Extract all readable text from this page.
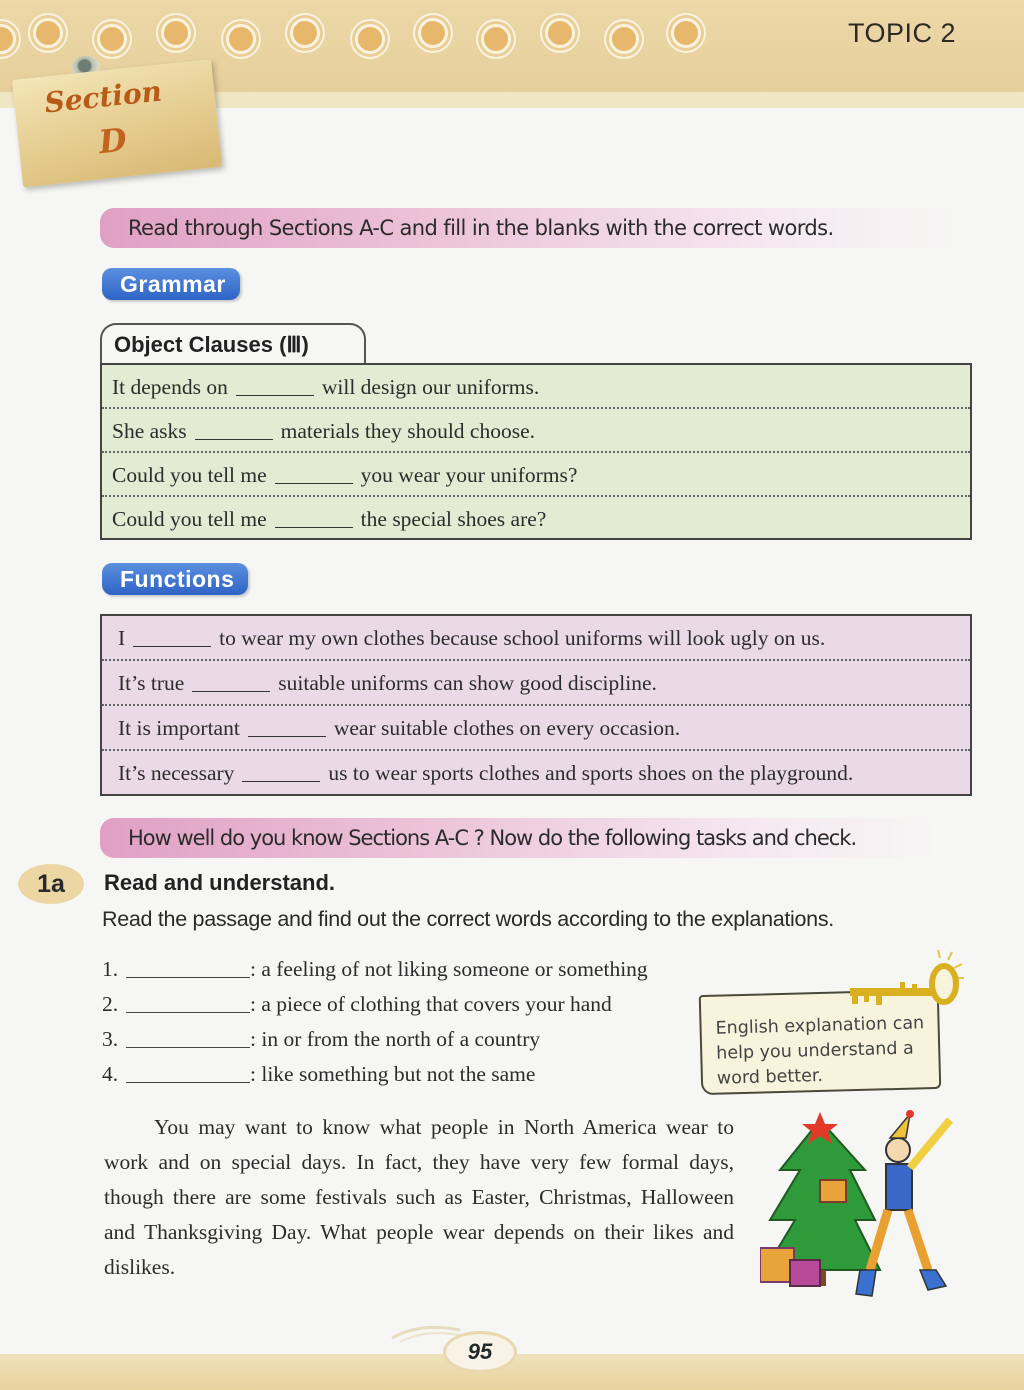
TOPIC 2
Section
D
Read through Sections A-C and fill in the blanks with the correct words.
Grammar
Object Clauses (Ⅲ)
It depends on	will design our uniforms.
She asks	materials they should choose.
Could you tell me	you wear your uniforms?
Could you tell me	the special shoes are?
Functions
I	to wear my own clothes because school uniforms will look ugly on us.
It’s true	suitable uniforms can show good discipline.
It is important	wear suitable clothes on every occasion.
It’s necessary	us to wear sports clothes and sports shoes on the playground.
How well do you know Sections A-C ? Now do the following tasks and check.
1a	Read and understand.
Read the passage and find out the correct words according to the explanations.
1.	: a feeling of not liking someone or something
2.	: a piece of clothing that covers your hand
3.	: in or from the north of a country
4.	: like something but not the same
English explanation can help you understand a word better.

You may want to know what people in North America wear to work and on special days. In fact, they have very few formal days, though there are some festivals such as Easter, Christmas, Halloween and Thanksgiving Day. What people wear depends on their likes and dislikes.

95
